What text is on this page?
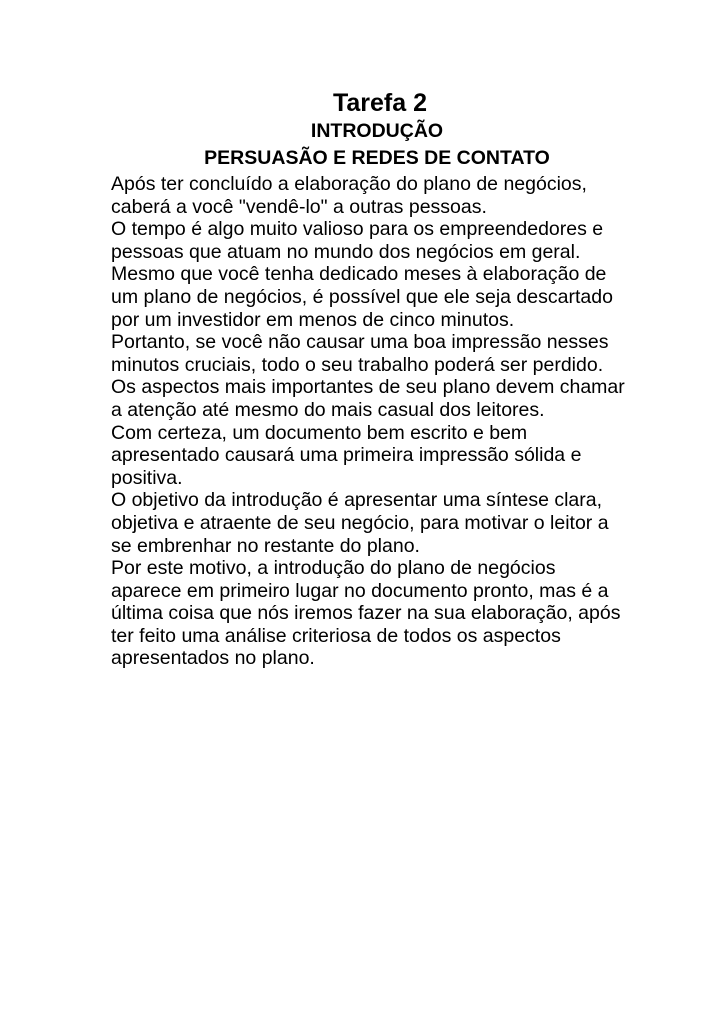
Tarefa 2
INTRODUÇÃO
PERSUASÃO E REDES DE CONTATO
Após ter concluído a elaboração do plano de negócios, caberá a você "vendê-lo" a outras pessoas.
O tempo é algo muito valioso para os empreendedores e pessoas que atuam no mundo dos negócios em geral.
Mesmo que você tenha dedicado meses à elaboração de um plano de negócios, é possível que ele seja descartado por um investidor em menos de cinco minutos.
Portanto, se você não causar uma boa impressão nesses minutos cruciais, todo o seu trabalho poderá ser perdido.
Os aspectos mais importantes de seu plano devem chamar a atenção até mesmo do mais casual dos leitores.
Com certeza, um documento bem escrito e bem apresentado causará uma primeira impressão sólida e positiva.
O objetivo da introdução é apresentar uma síntese clara, objetiva e atraente de seu negócio, para motivar o leitor a se embrenhar no restante do plano.
Por este motivo, a introdução do plano de negócios aparece em primeiro lugar no documento pronto, mas é a última coisa que nós iremos fazer na sua elaboração, após ter feito uma análise criteriosa de todos os aspectos apresentados no plano.
